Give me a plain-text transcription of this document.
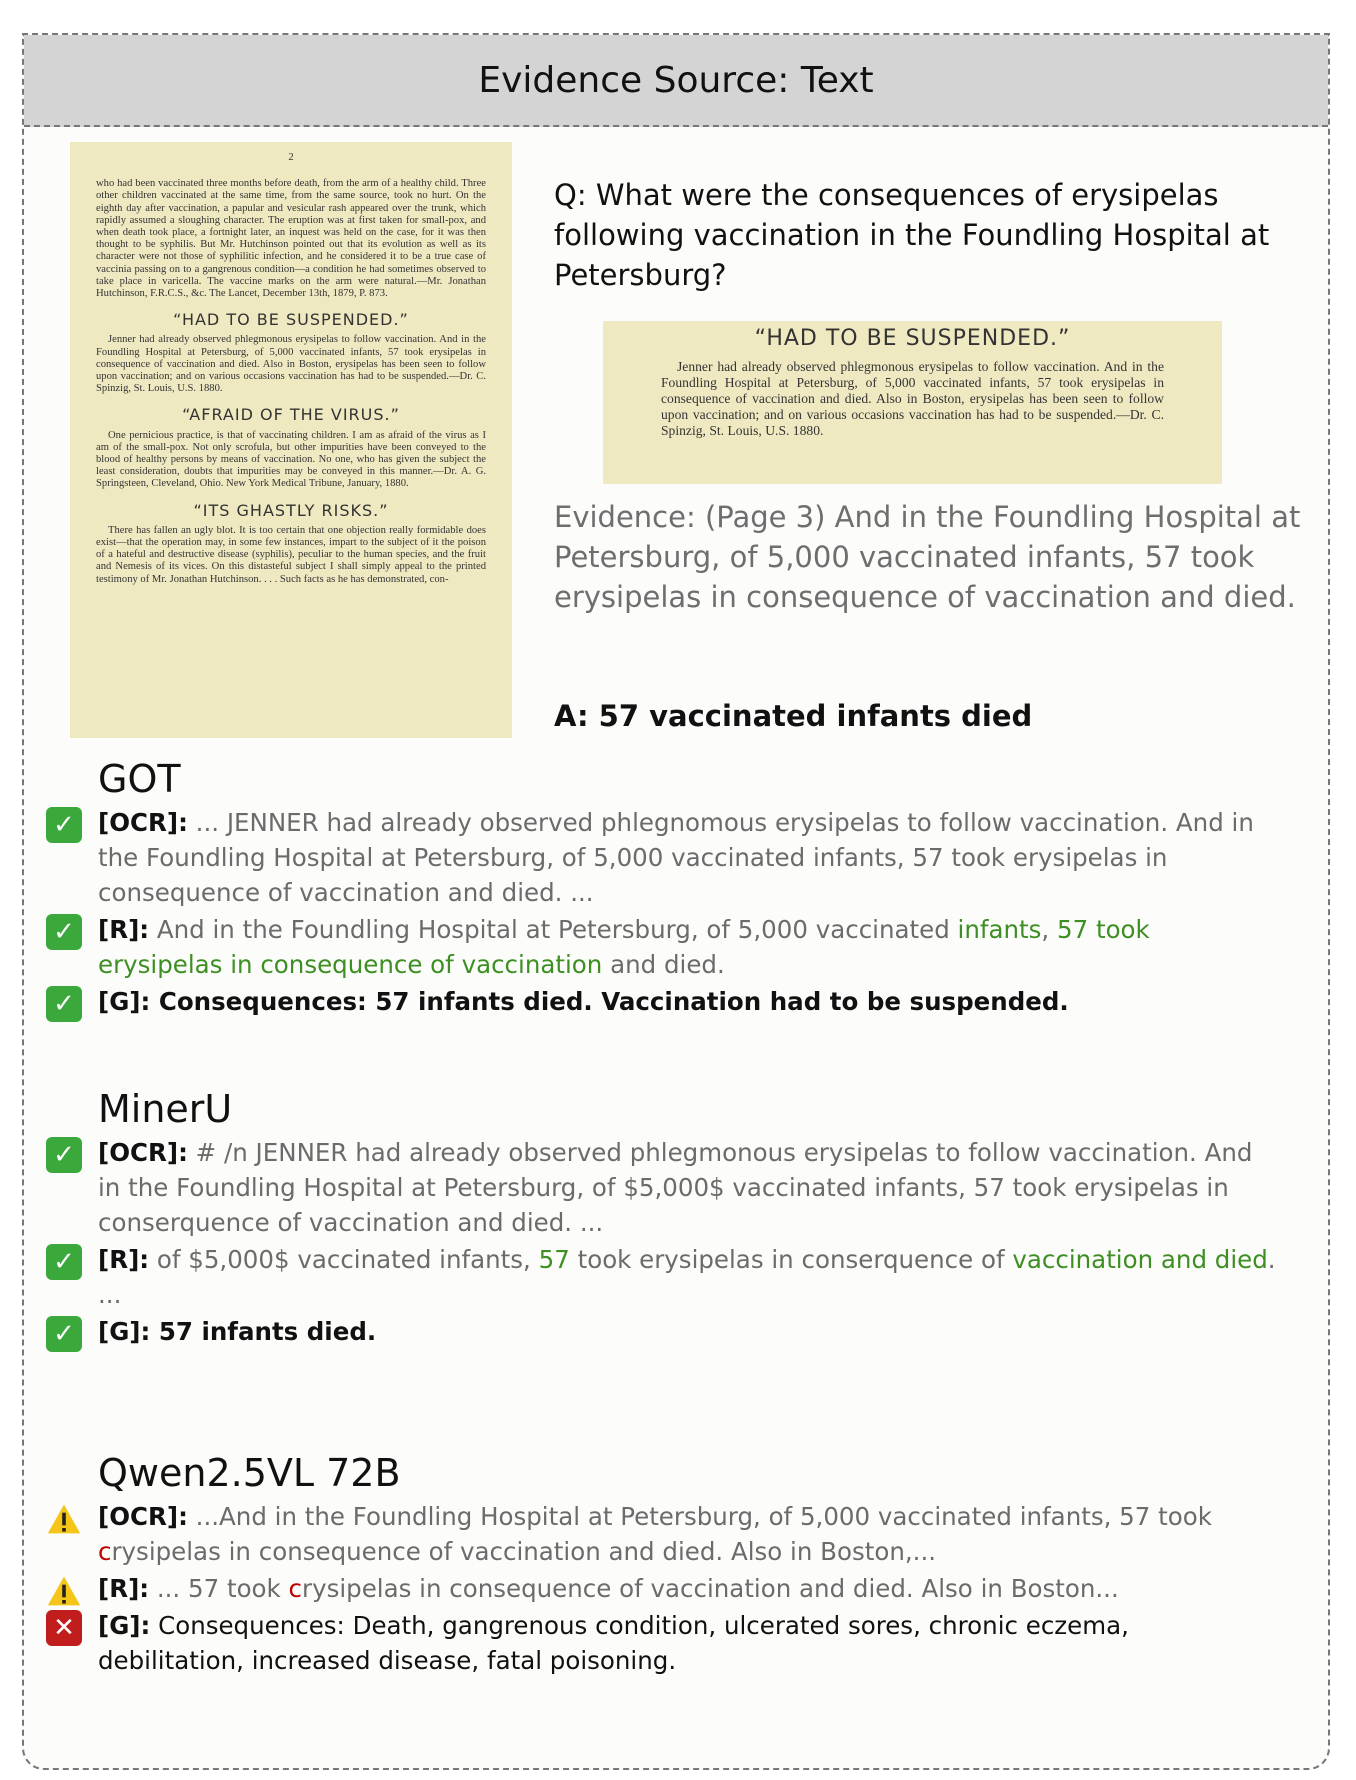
Evidence Source: Text
2

who had been vaccinated three months before death, from the arm of a healthy child. Three other children vaccinated at the same time, from the same source, took no hurt. On the eighth day after vaccination, a papular and vesicular rash appeared over the trunk, which rapidly assumed a sloughing character. The eruption was at first taken for small-pox, and when death took place, a fortnight later, an inquest was held on the case, for it was then thought to be syphilis. But Mr. Hutchinson pointed out that its evolution as well as its character were not those of syphilitic infection, and he considered it to be a true case of vaccinia passing on to a gangrenous condition—a condition he had sometimes observed to take place in varicella. The vaccine marks on the arm were natural.—Mr. Jonathan Hutchinson, F.R.C.S., &c. The Lancet, December 13th, 1879, P. 873.

“HAD TO BE SUSPENDED.”

Jenner had already observed phlegmonous erysipelas to follow vaccination. And in the Foundling Hospital at Petersburg, of 5,000 vaccinated infants, 57 took erysipelas in consequence of vaccination and died. Also in Boston, erysipelas has been seen to follow upon vaccination; and on various occasions vaccination has had to be suspended.—Dr. C. Spinzig, St. Louis, U.S. 1880.

“AFRAID OF THE VIRUS.”

One pernicious practice, is that of vaccinating children. I am as afraid of the virus as I am of the small-pox. Not only scrofula, but other impurities have been conveyed to the blood of healthy persons by means of vaccination. No one, who has given the subject the least consideration, doubts that impurities may be conveyed in this manner.—Dr. A. G. Springsteen, Cleveland, Ohio. New York Medical Tribune, January, 1880.

“ITS GHASTLY RISKS.”

There has fallen an ugly blot. It is too certain that one objection really formidable does exist—that the operation may, in some few instances, impart to the subject of it the poison of a hateful and destructive disease (syphilis), peculiar to the human species, and the fruit and Nemesis of its vices. On this distasteful subject I shall simply appeal to the printed testimony of Mr. Jonathan Hutchinson. . . . Such facts as he has demonstrated, con-

Q: What were the consequences of erysipelas following vaccination in the Foundling Hospital at Petersburg?
“HAD TO BE SUSPENDED.”

Jenner had already observed phlegmonous erysipelas to follow vaccination. And in the Foundling Hospital at Petersburg, of 5,000 vaccinated infants, 57 took erysipelas in consequence of vaccination and died. Also in Boston, erysipelas has been seen to follow upon vaccination; and on various occasions vaccination has had to be suspended.—Dr. C. Spinzig, St. Louis, U.S. 1880.

Evidence: (Page 3) And in the Foundling Hospital at Petersburg, of 5,000 vaccinated infants, 57 took erysipelas in consequence of vaccination and died.
A: 57 vaccinated infants died
GOT
✓ [OCR]: ... JENNER had already observed phlegnomous erysipelas to follow vaccination. And in the Foundling Hospital at Petersburg, of 5,000 vaccinated infants, 57 took erysipelas in consequence of vaccination and died. ...
✓ [R]: And in the Foundling Hospital at Petersburg, of 5,000 vaccinated infants, 57 took erysipelas in consequence of vaccination and died.
✓ [G]: Consequences: 57 infants died. Vaccination had to be suspended.
MinerU
✓ [OCR]: # /n JENNER had already observed phlegmonous erysipelas to follow vaccination. And in the Foundling Hospital at Petersburg, of $5,000$ vaccinated infants, 57 took erysipelas in conserquence of vaccination and died. ...
✓ [R]: of $5,000$ vaccinated infants, 57 took erysipelas in conserquence of vaccination and died. ...
✓ [G]: 57 infants died.
Qwen2.5VL 72B
[OCR]: ...And in the Foundling Hospital at Petersburg, of 5,000 vaccinated infants, 57 took crysipelas in consequence of vaccination and died. Also in Boston,...
[R]: ... 57 took crysipelas in consequence of vaccination and died. Also in Boston...
✕ [G]: Consequences: Death, gangrenous condition, ulcerated sores, chronic eczema, debilitation, increased disease, fatal poisoning.
